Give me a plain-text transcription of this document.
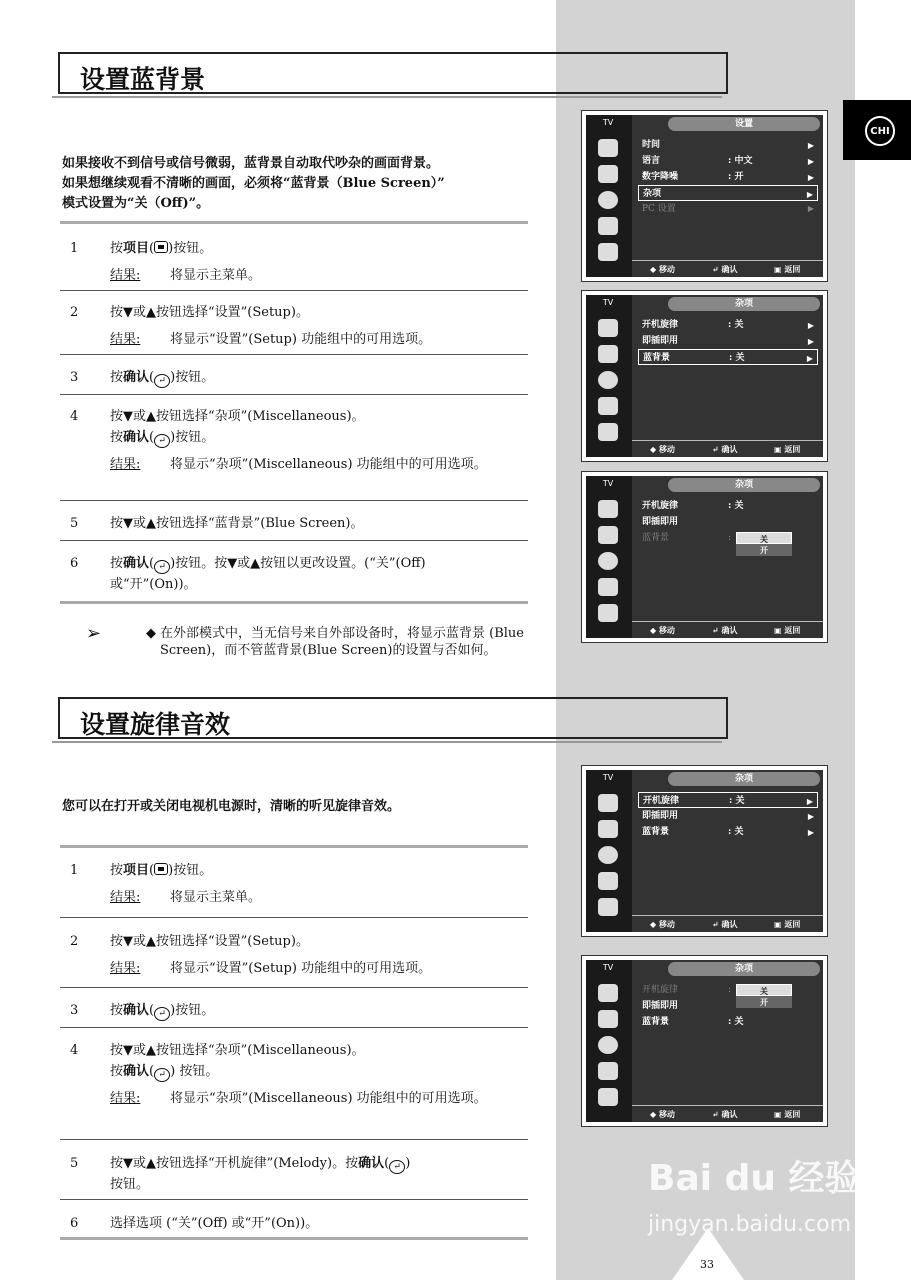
CHI
设置蓝背景
如果接收不到信号或信号微弱，蓝背景自动取代吵杂的画面背景。
如果想继续观看不清晰的画面，必须将“蓝背景（Blue Screen）”
模式设置为“关（Off)”。
1 按项目( )按钮。
结果: 将显示主菜单。
2 按▼或▲按钮选择“设置”(Setup)。
结果: 将显示“设置”(Setup) 功能组中的可用选项。
3 按确认( ↵ )按钮。
4 按▼或▲按钮选择“杂项”(Miscellaneous)。
按确认( ↵ )按钮。
结果: 将显示“杂项”(Miscellaneous) 功能组中的可用选项。
5 按▼或▲按钮选择“蓝背景”(Blue Screen)。
6 按确认( ↵ )按钮。按▼或▲按钮以更改设置。(“关”(Off)
或“开”(On))。
➢	◆ 在外部模式中，当无信号来自外部设备时，将显示蓝背景 (Blue Screen)，而不管蓝背景(Blue Screen)的设置与否如何。
设置旋律音效
您可以在打开或关闭电视机电源时，清晰的听见旋律音效。
1 按项目( )按钮。
结果: 将显示主菜单。
2 按▼或▲按钮选择“设置”(Setup)。
结果: 将显示“设置”(Setup) 功能组中的可用选项。
3 按确认( ↵ )按钮。
4 按▼或▲按钮选择“杂项”(Miscellaneous)。
按确认( ↵ ) 按钮。
结果: 将显示“杂项”(Miscellaneous) 功能组中的可用选项。
5 按▼或▲按钮选择“开机旋律”(Melody)。按确认( ↵ )
按钮。
6 选择选项 (“关”(Off) 或“开”(On))。
TV	设置
时间	▶
语言	: 中文	▶
数字降噪	: 开	▶
杂项	▶
PC 设置	▶
◆ 移动	↵ 确认	▣ 返回
TV	杂项
开机旋律	: 关	▶
即插即用	▶
蓝背景	: 关	▶
◆ 移动	↵ 确认	▣ 返回
TV	杂项
开机旋律	: 关
即插即用
蓝背景	:	关
开
◆ 移动	↵ 确认	▣ 返回
TV	杂项
开机旋律	: 关	▶
即插即用	▶
蓝背景	: 关	▶
◆ 移动	↵ 确认	▣ 返回
TV	杂项
开机旋律	:
即插即用
蓝背景	: 关
关
开
◆ 移动	↵ 确认	▣ 返回
Bai du 经验
jingyan.baidu.com
33
